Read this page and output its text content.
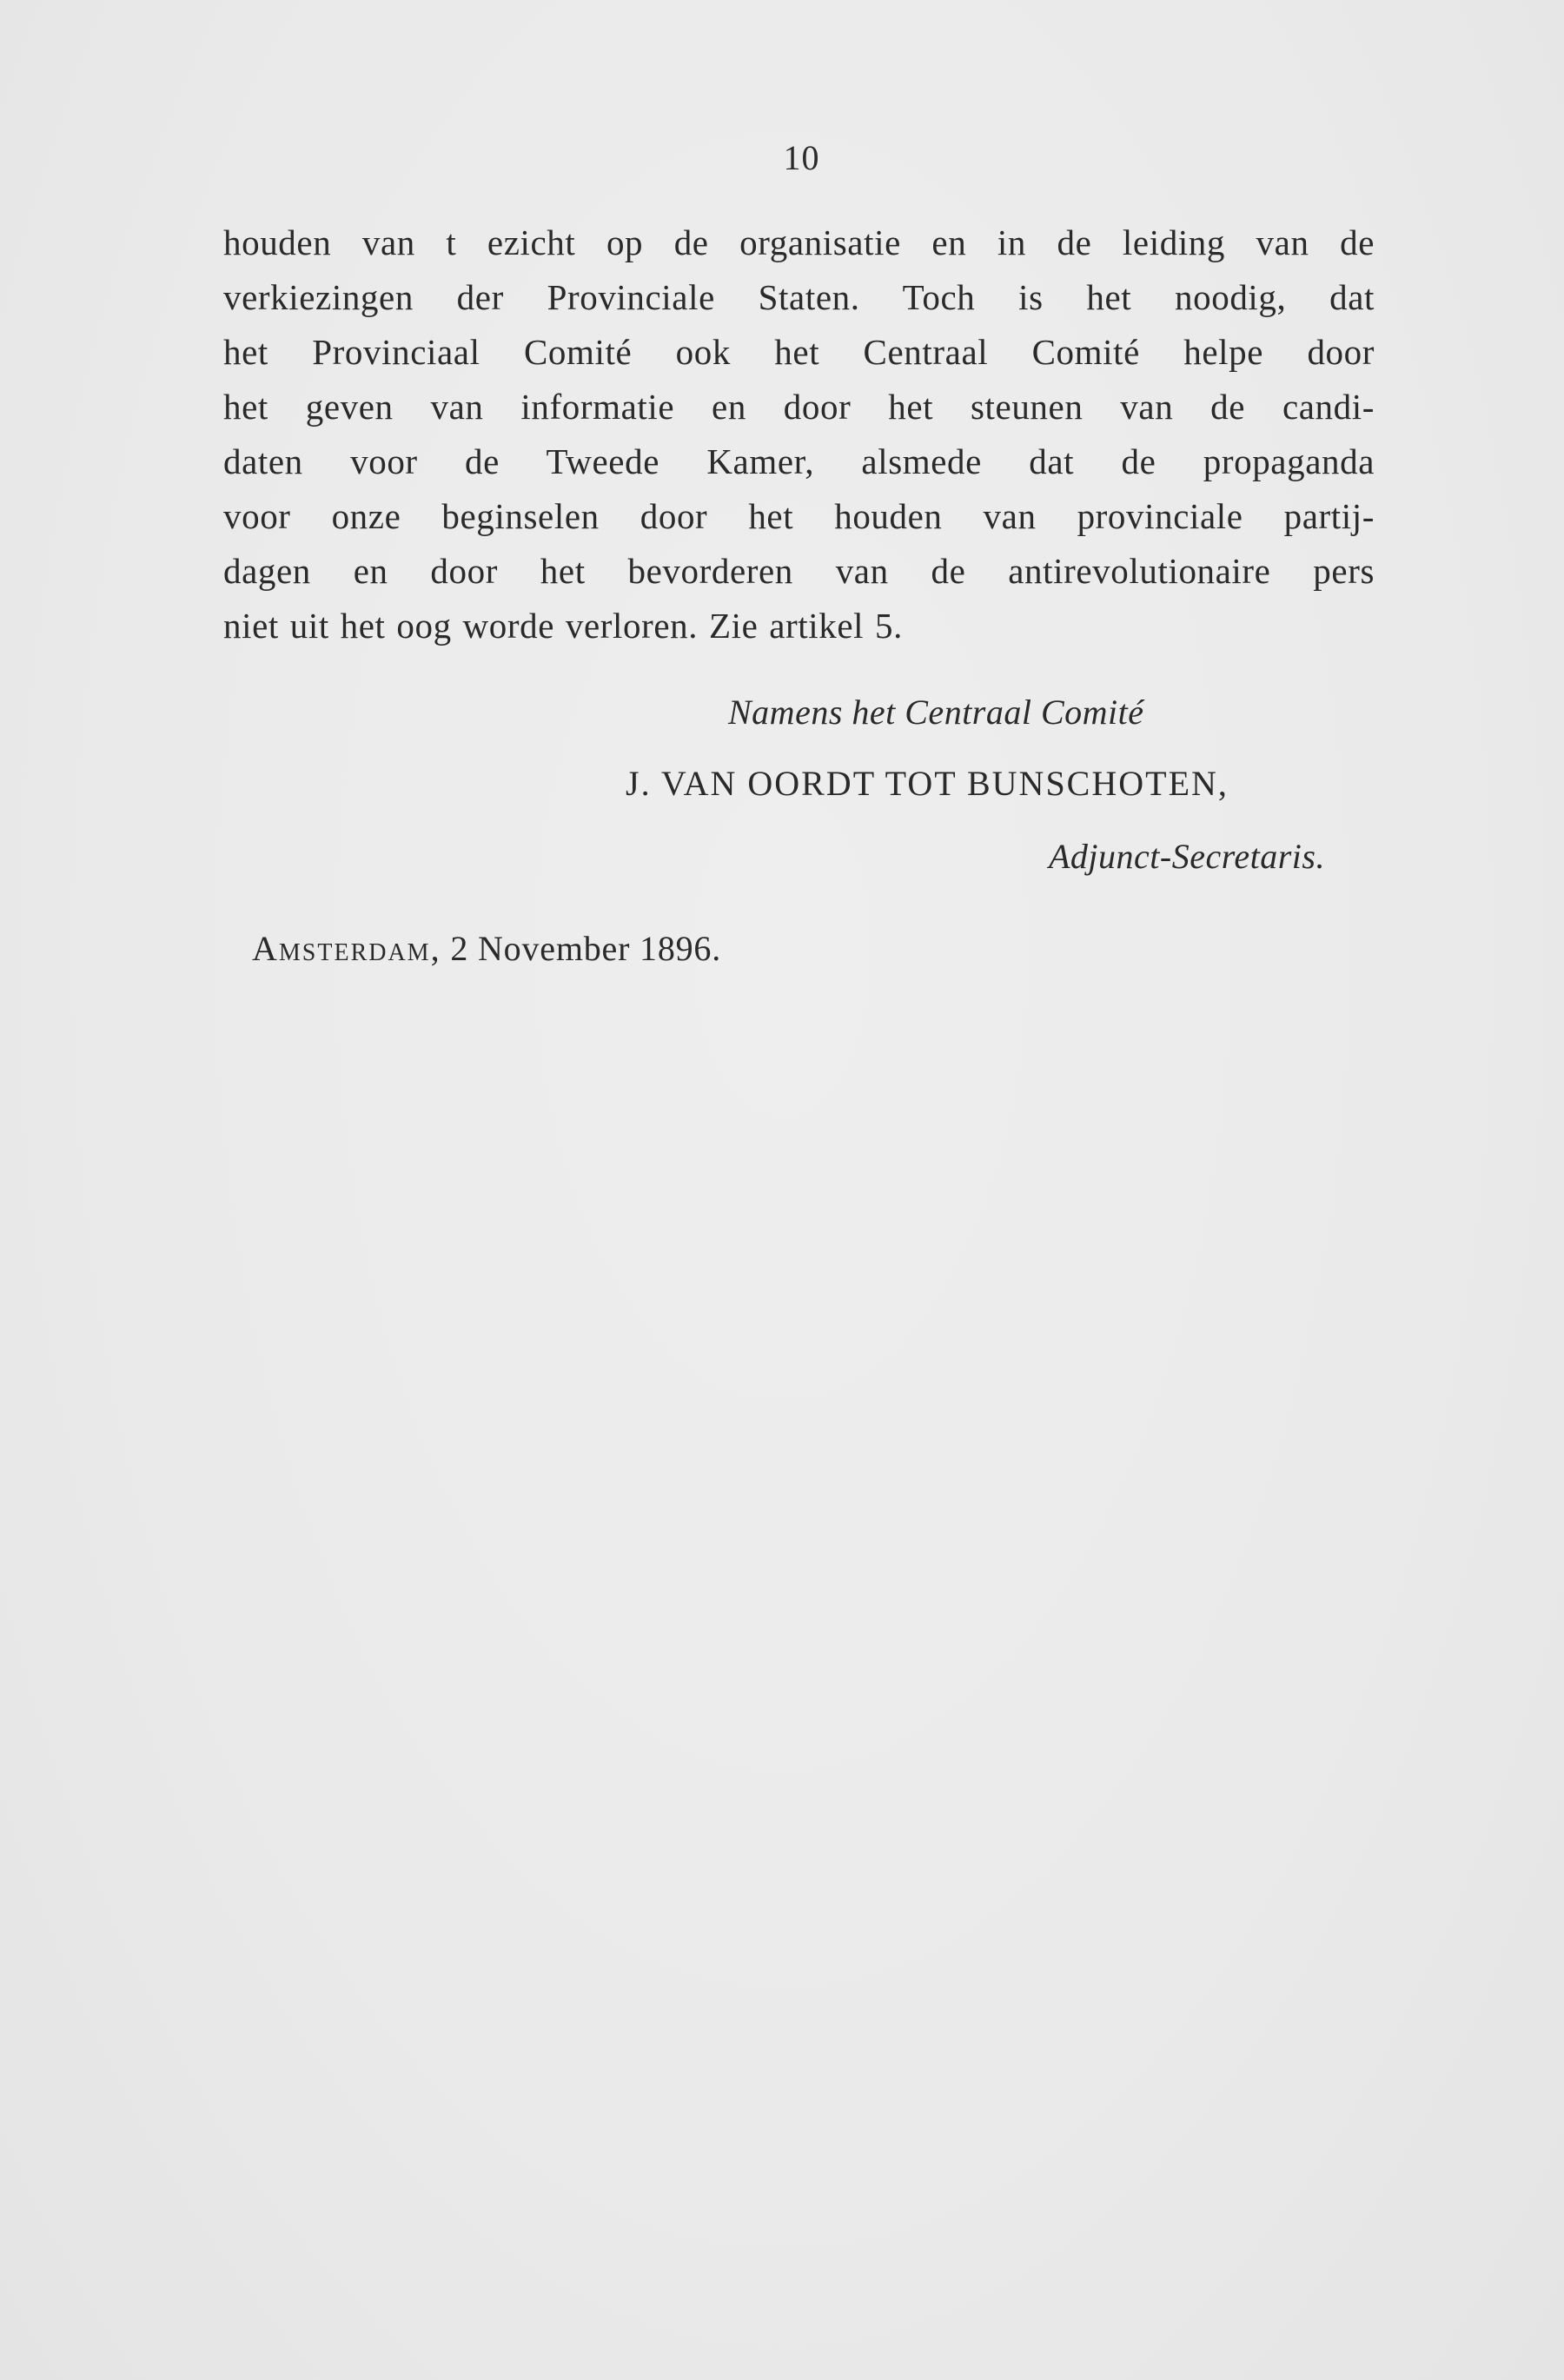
10
houden van t ezicht op de organisatie en in de leiding van de
verkiezingen der Provinciale Staten. Toch is het noodig, dat
het Provinciaal Comité ook het Centraal Comité helpe door
het geven van informatie en door het steunen van de candi-
daten voor de Tweede Kamer, alsmede dat de propaganda
voor onze beginselen door het houden van provinciale partij-
dagen en door het bevorderen van de antirevolutionaire pers
niet uit het oog worde verloren. Zie artikel 5.
Namens het Centraal Comité
J. VAN OORDT TOT BUNSCHOTEN,
Adjunct-Secretaris.
Amsterdam, 2 November 1896.
